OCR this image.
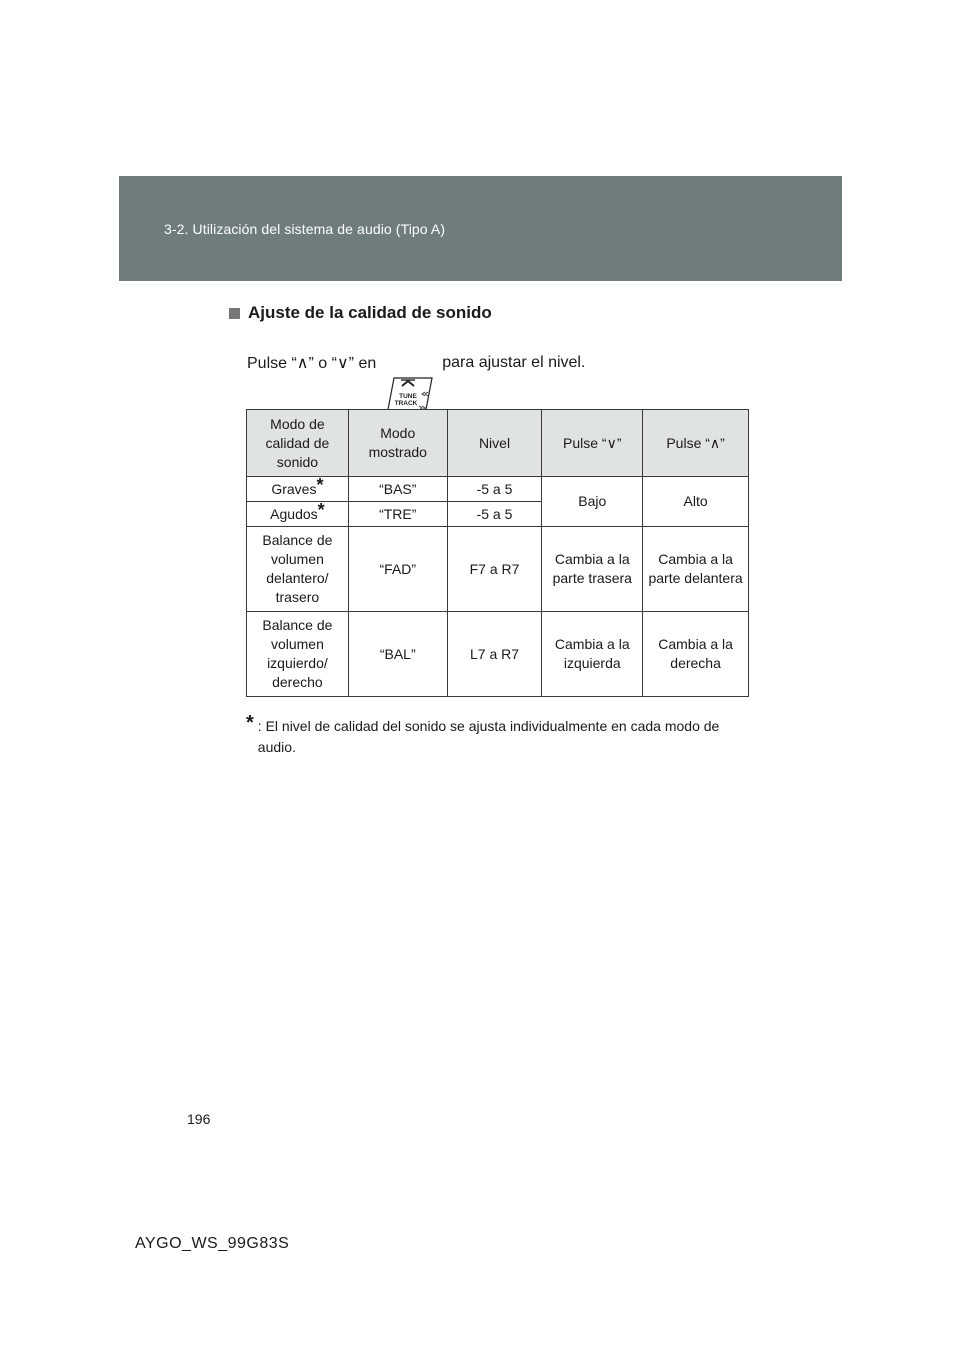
3-2. Utilización del sistema de audio (Tipo A)
Ajuste de la calidad de sonido
Pulse “∧” o “∨” en

TUNE
TRACK

para ajustar el nivel.
Modo de calidad de sonido	Modo mostrado	Nivel	Pulse “∨”	Pulse “∧”
Graves*	“BAS”	-5 a 5	Bajo	Alto
Agudos*	“TRE”	-5 a 5		
Balance de volumen delantero/ trasero	“FAD”	F7 a R7	Cambia a la parte trasera	Cambia a la parte delantera
Balance de volumen izquierdo/ derecho	“BAL”	L7 a R7	Cambia a la izquierda	Cambia a la derecha
* : El nivel de calidad del sonido se ajusta individualmente en cada modo de audio.
196
AYGO_WS_99G83S
